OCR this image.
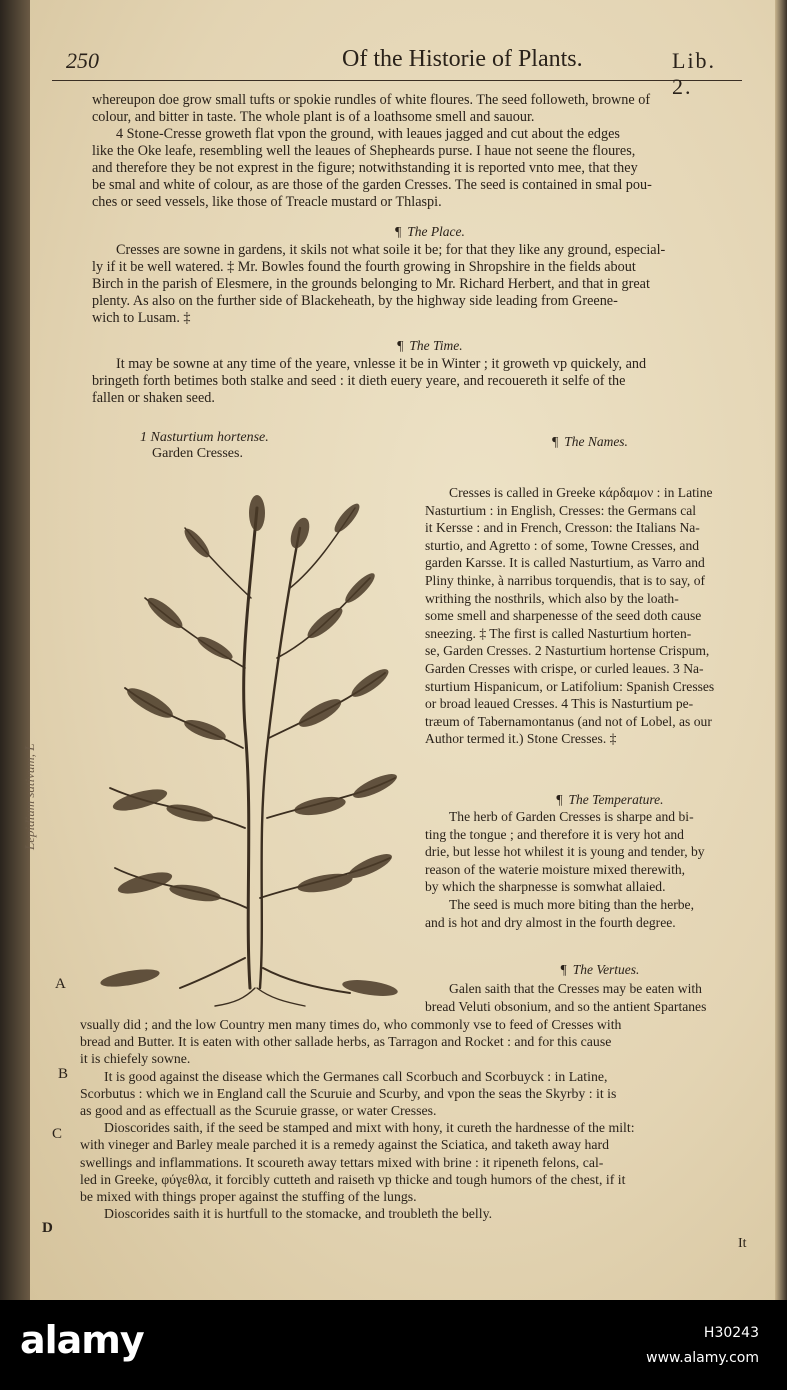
250	Of the Historie of Plants.	Lib. 2.
whereupon doe grow small tufts or spokie rundles of white floures. The seed followeth, browne of
colour, and bitter in taste. The whole plant is of a loathsome smell and sauour.
4 Stone-Cresse groweth flat vpon the ground, with leaues jagged and cut about the edges
like the Oke leafe, resembling well the leaues of Shepheards purse. I haue not seene the floures,
and therefore they be not exprest in the figure; notwithstanding it is reported vnto mee, that they
be smal and white of colour, as are those of the garden Cresses. The seed is contained in smal pou-
ches or seed vessels, like those of Treacle mustard or Thlaspi.
¶ The Place.
Cresses are sowne in gardens, it skils not what soile it be; for that they like any ground, especial-
ly if it be well watered. ‡ Mr. Bowles found the fourth growing in Shropshire in the fields about
Birch in the parish of Elesmere, in the grounds belonging to Mr. Richard Herbert, and that in great
plenty. As also on the further side of Blackeheath, by the highway side leading from Greene-
wich to Lusam. ‡
¶ The Time.
It may be sowne at any time of the yeare, vnlesse it be in Winter ; it groweth vp quickely, and
bringeth forth betimes both stalke and seed : it dieth euery yeare, and recouereth it selfe of the
fallen or shaken seed.
1 Nasturtium hortense.
Garden Cresses.
¶ The Names.
Cresses is called in Greeke κάρδαμον : in Latine
Nasturtium : in English, Cresses: the Germans cal
it Kersse : and in French, Cresson: the Italians Na-
sturtio, and Agretto : of some, Towne Cresses, and
garden Karsse. It is called Nasturtium, as Varro and
Pliny thinke, à narribus torquendis, that is to say, of
writhing the nosthrils, which also by the loath-
some smell and sharpenesse of the seed doth cause
sneezing. ‡ The first is called Nasturtium horten-
se, Garden Cresses. 2 Nasturtium hortense Crispum,
Garden Cresses with crispe, or curled leaues. 3 Na-
sturtium Hispanicum, or Latifolium: Spanish Cresses
or broad leaued Cresses. 4 This is Nasturtium pe-
træum of Tabernamontanus (and not of Lobel, as our
Author termed it.) Stone Cresses. ‡
¶ The Temperature.
The herb of Garden Cresses is sharpe and bi-
ting the tongue ; and therefore it is very hot and
drie, but lesse hot whilest it is young and tender, by
reason of the waterie moisture mixed therewith,
by which the sharpnesse is somwhat allaied.
The seed is much more biting than the herbe,
and is hot and dry almost in the fourth degree.
¶ The Vertues.
Galen saith that the Cresses may be eaten with
bread Veluti obsonium, and so the antient Spartanes
vsually did ; and the low Country men many times do, who commonly vse to feed of Cresses with
bread and Butter. It is eaten with other sallade herbs, as Tarragon and Rocket : and for this cause
it is chiefely sowne.
It is good against the disease which the Germanes call Scorbuch and Scorbuyck : in Latine,
Scorbutus : which we in England call the Scuruie and Scurby, and vpon the seas the Skyrby : it is
as good and as effectuall as the Scuruie grasse, or water Cresses.
Dioscorides saith, if the seed be stamped and mixt with hony, it cureth the hardnesse of the milt:
with vineger and Barley meale parched it is a remedy against the Sciatica, and taketh away hard
swellings and inflammations. It scoureth away tettars mixed with brine : it ripeneth felons, cal-
led in Greeke, φύγεθλα, it forcibly cutteth and raiseth vp thicke and tough humors of the chest, if it
be mixed with things proper against the stuffing of the lungs.
Dioscorides saith it is hurtfull to the stomacke, and troubleth the belly.
A
B
C
D
It
Lepidium sativum, L
alamy	H30243
www.alamy.com
